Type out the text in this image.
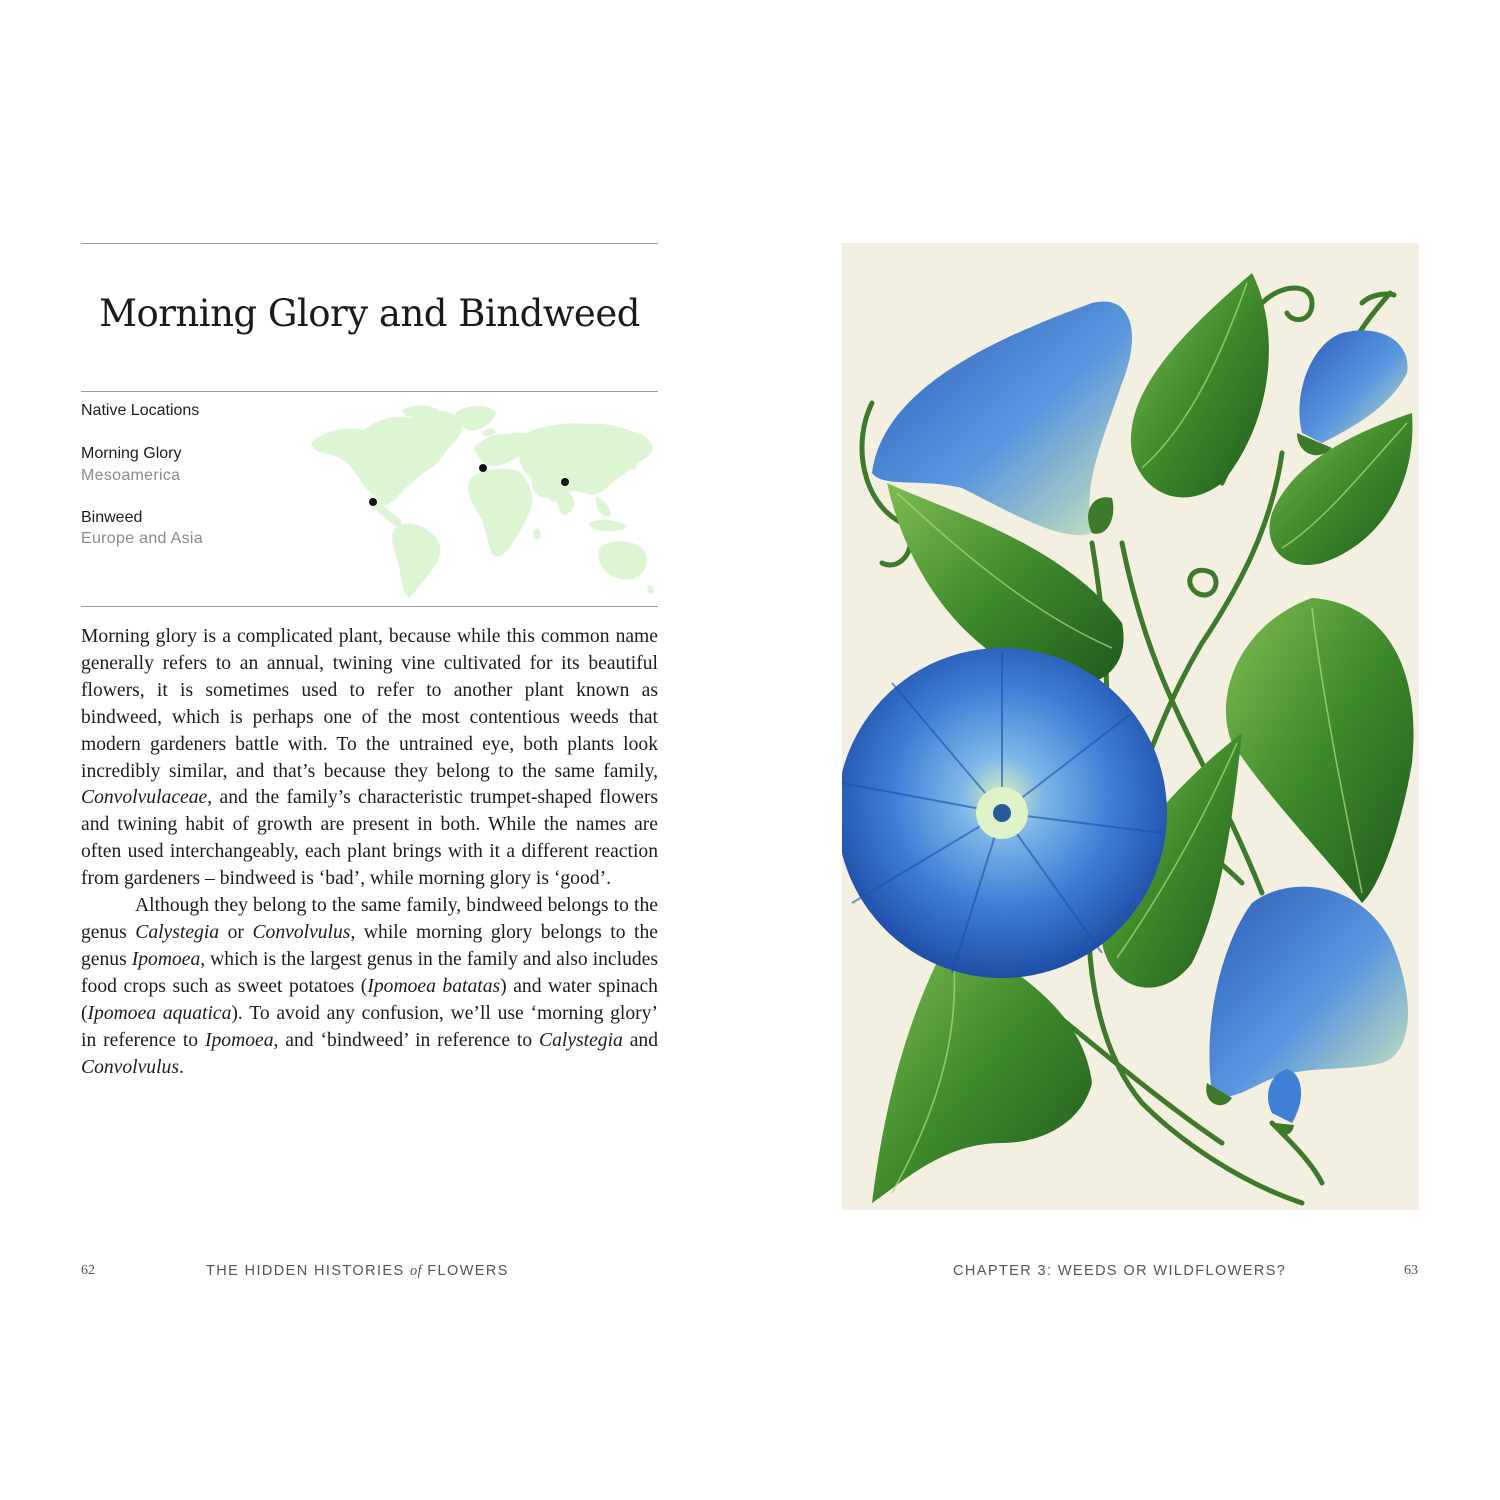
Morning Glory and Bindweed
Native Locations
Morning Glory
Mesoamerica
Binweed
Europe and Asia

Morning glory is a complicated plant, because while this common name generally refers to an annual, twining vine cultivated for its beautiful flowers, it is sometimes used to refer to another plant known as bindweed, which is perhaps one of the most contentious weeds that modern gardeners battle with. To the untrained eye, both plants look incredibly similar, and that’s because they belong to the same family, Convolvulaceae, and the family’s characteristic trumpet-shaped flowers and twining habit of growth are present in both. While the names are often used interchangeably, each plant brings with it a different reaction from gardeners – bindweed is ‘bad’, while morning glory is ‘good’.

Although they belong to the same family, bindweed belongs to the genus Calystegia or Convolvulus, while morning glory belongs to the genus Ipomoea, which is the largest genus in the family and also includes food crops such as sweet potatoes (Ipomoea batatas) and water spinach (Ipomoea aquatica). To avoid any confusion, we’ll use ‘morning glory’ in reference to Ipomoea, and ‘bindweed’ in reference to Calystegia and Convolvulus.

62	THE HIDDEN HISTORIES of FLOWERS	CHAPTER 3: WEEDS OR WILDFLOWERS?	63
